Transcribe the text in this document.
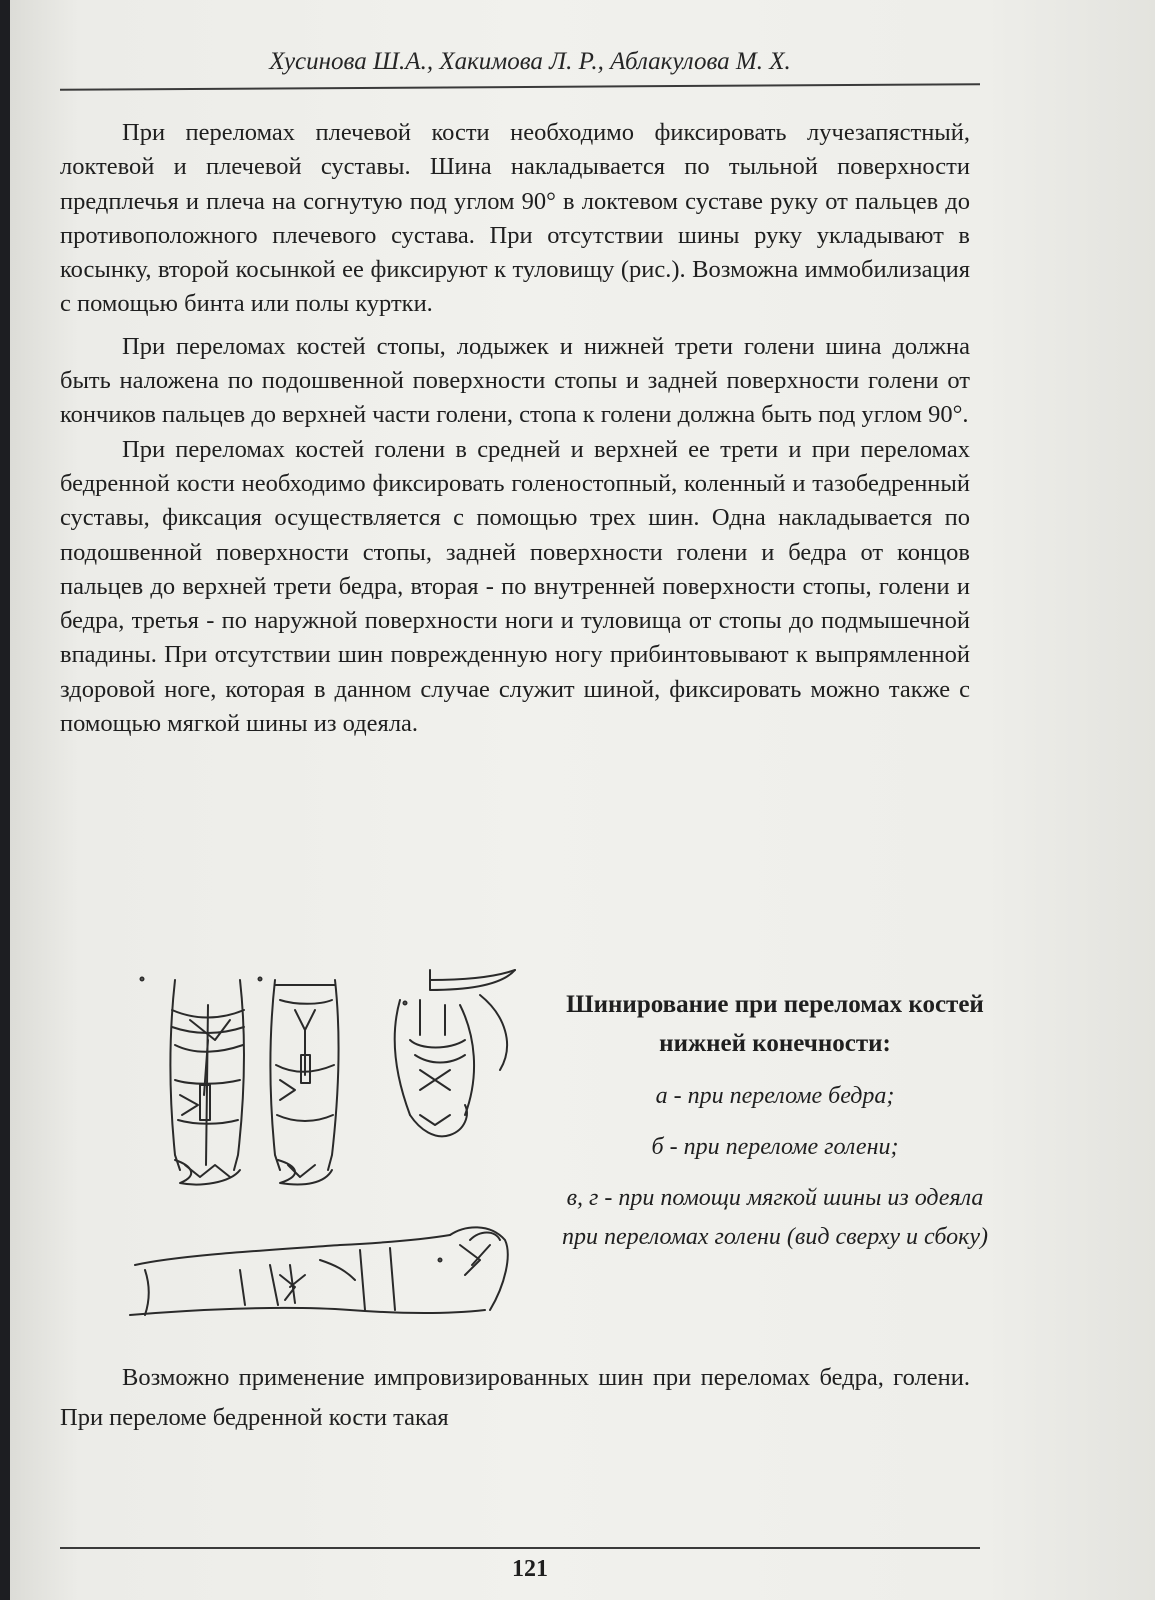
Хусинова Ш.А., Хакимова Л. Р., Аблакулова М. Х.

При переломах плечевой кости необходимо фиксировать лучезапястный, локтевой и плечевой суставы. Шина накладывается по тыльной поверхности предплечья и плеча на согнутую под углом 90° в локтевом суставе руку от пальцев до противоположного плечевого сустава. При отсутствии шины руку укладывают в косынку, второй косынкой ее фиксируют к туловищу (рис.). Возможна иммобилизация с помощью бинта или полы куртки.

При переломах костей стопы, лодыжек и нижней трети голени шина должна быть наложена по подошвенной поверхности стопы и задней поверхности голени от кончиков пальцев до верхней части голени, стопа к голени должна быть под углом 90°.

При переломах костей голени в средней и верхней ее трети и при переломах бедренной кости необходимо фиксировать голеностопный, коленный и тазобедренный суставы, фиксация осуществляется с помощью трех шин. Одна накладывается по подошвенной поверхности стопы, задней поверхности голени и бедра от концов пальцев до верхней трети бедра, вторая - по внутренней поверхности стопы, голени и бедра, третья - по наружной поверхности ноги и туловища от стопы до подмышечной впадины. При отсутствии шин поврежденную ногу прибинтовывают к выпрямленной здоровой ноге, которая в данном случае служит шиной, фиксировать можно также с помощью мягкой шины из одеяла.

Шинирование при переломах костей нижней конечности:
а - при переломе бедра;
б - при переломе голени;
в, г - при помощи мягкой шины из одеяла при переломах голени (вид сверху и сбоку)

Возможно применение импровизированных шин при переломах бедра, голени. При переломе бедренной кости такая

121
